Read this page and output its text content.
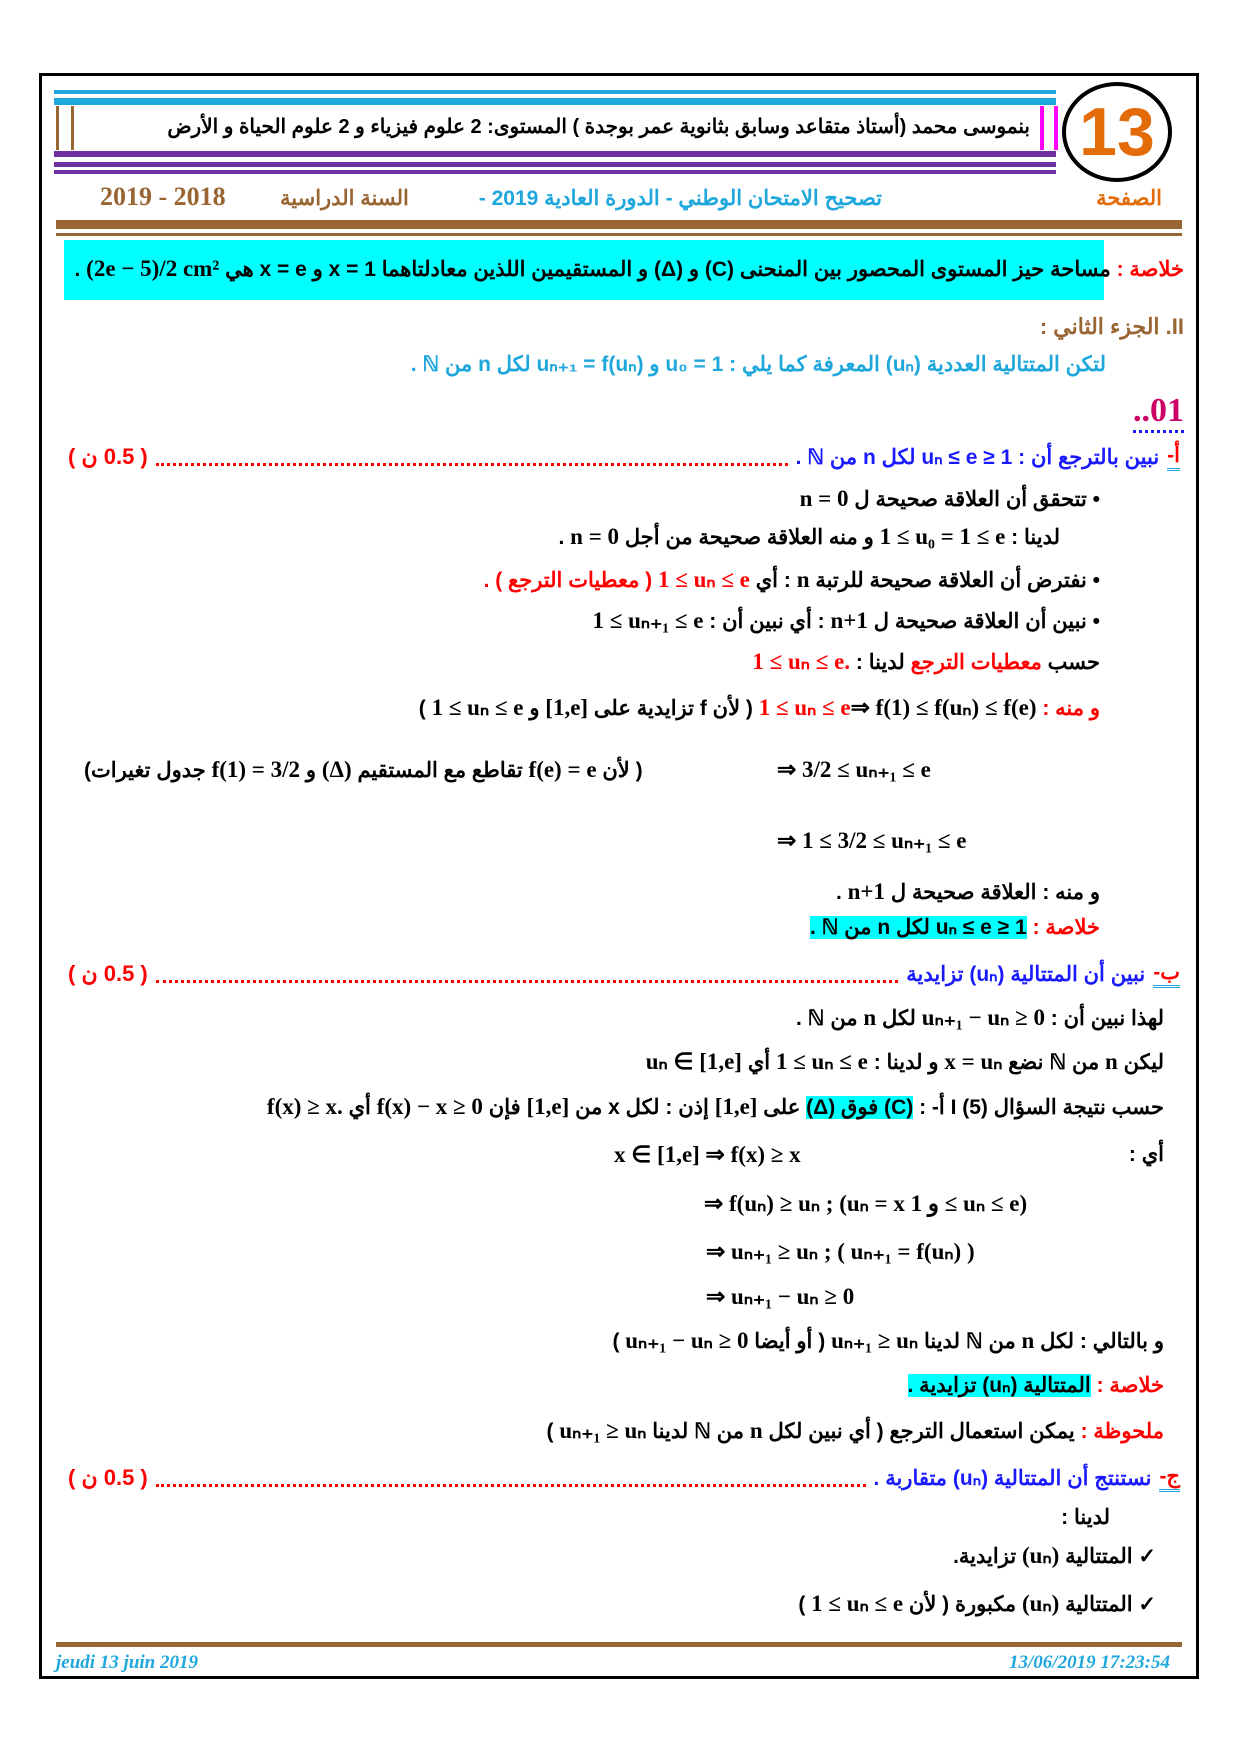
بنموسى محمد (أستاذ متقاعد وسابق بثانوية عمر بوجدة ) المستوى: 2 علوم فيزياء و 2 علوم الحياة و الأرض 13
الصفحة
تصحيح الامتحان الوطني - الدورة العادية 2019 -
السنة الدراسية
2019 - 2018
خلاصة : مساحة حيز المستوى المحصور بين المنحنى (C) و (Δ) و المستقيمين اللذين معادلتاهما x = 1 و x = e هي (2e − 5)/2 cm² .
II. الجزء الثاني :
لتكن المتتالية العددية (uₙ) المعرفة كما يلي : u₀ = 1 و uₙ₊₁ = f(uₙ) لكل n من ℕ .
..01
أ-
نبين بالترجع أن : 1 ≤ uₙ ≤ e لكل n من ℕ .
( 0.5 ن )
ب-
نبين أن المتتالية (uₙ) تزايدية
( 0.5 ن )
ج-
نستنتج أن المتتالية (uₙ) متقاربة .
( 0.5 ن )
• تتحقق أن العلاقة صحيحة ل n = 0
لدينا : 1 ≤ u₀ = 1 ≤ e و منه العلاقة صحيحة من أجل n = 0 .
• نفترض أن العلاقة صحيحة للرتبة n : أي 1 ≤ uₙ ≤ e ( معطيات الترجع ) .
• نبين أن العلاقة صحيحة ل n+1 : أي نبين أن : 1 ≤ uₙ₊₁ ≤ e
حسب معطيات الترجع لدينا : 1 ≤ uₙ ≤ e.
و منه : ⇒ f(1) ≤ f(uₙ) ≤ f(e)1 ≤ uₙ ≤ e ( لأن f تزايدية على [1,e] و 1 ≤ uₙ ≤ e )
⇒ 3/2 ≤ uₙ₊₁ ≤ e
( لأن f(e) = e تقاطع مع المستقيم (Δ) و f(1) = 3/2 جدول تغيرات)
⇒ 1 ≤ 3/2 ≤ uₙ₊₁ ≤ e
و منه : العلاقة صحيحة ل n+1 .
خلاصة : 1 ≤ uₙ ≤ e لكل n من ℕ .
لهذا نبين أن : uₙ₊₁ − uₙ ≥ 0 لكل n من ℕ .
ليكن n من ℕ نضع x = uₙ و لدينا : 1 ≤ uₙ ≤ e أي uₙ ∈ [1,e]
حسب نتيجة السؤال I (5) أ- : (C) فوق (Δ) على [1,e] إذن : لكل x من [1,e] فإن f(x) − x ≥ 0 أي f(x) ≥ x.
أي :
x ∈ [1,e] ⇒ f(x) ≥ x
⇒ f(uₙ) ≥ uₙ ; (uₙ = x و 1 ≤ uₙ ≤ e)
⇒ uₙ₊₁ ≥ uₙ ; ( uₙ₊₁ = f(uₙ) )
⇒ uₙ₊₁ − uₙ ≥ 0
و بالتالي : لكل n من ℕ لدينا uₙ₊₁ ≥ uₙ ( أو أيضا uₙ₊₁ − uₙ ≥ 0 )
خلاصة : المتتالية (uₙ) تزايدية .
ملحوظة : يمكن استعمال الترجع ( أي نبين لكل n من ℕ لدينا uₙ₊₁ ≥ uₙ )
لدينا :
✓ المتتالية (uₙ) تزايدية.
✓ المتتالية (uₙ) مكبورة ( لأن 1 ≤ uₙ ≤ e )
jeudi 13 juin 2019	13/06/2019 17:23:54
